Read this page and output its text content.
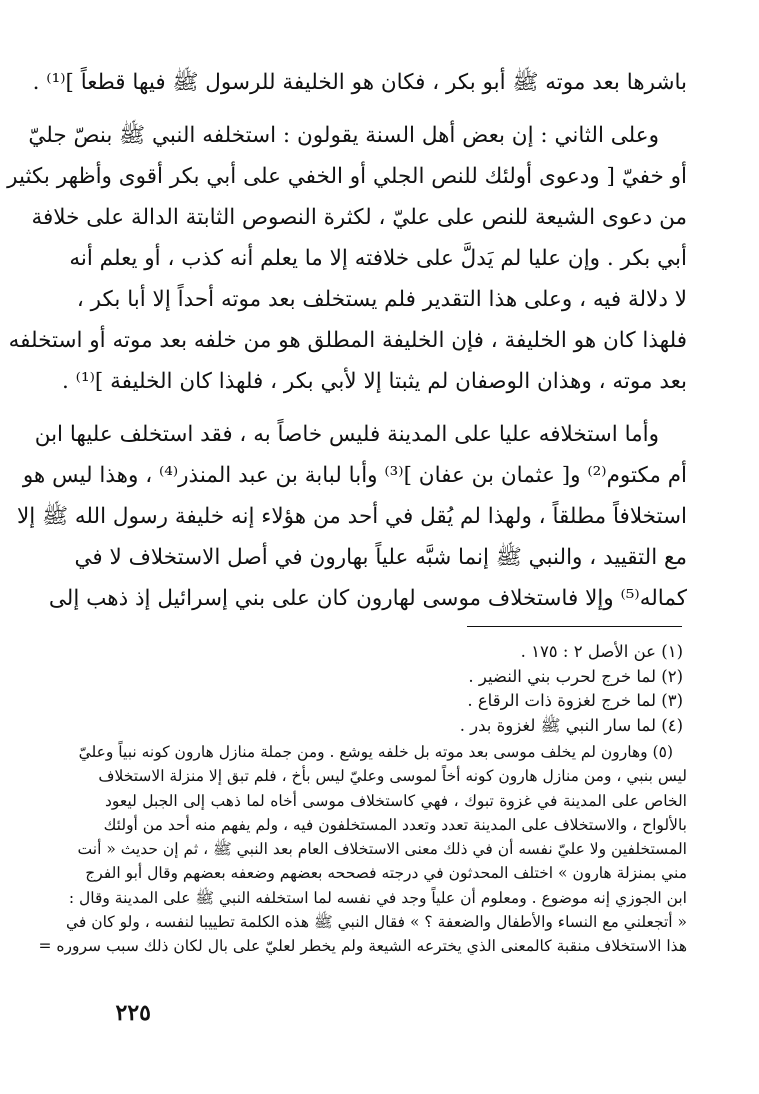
باشرها بعد موته ﷺ أبو بكر ، فكان هو الخليفة للرسول ﷺ فيها قطعاً ]⁽¹⁾ .
وعلى الثاني : إن بعض أهل السنة يقولون : استخلفه النبي ﷺ بنصّ جليّ
أو خفيّ [ ودعوى أولئك للنص الجلي أو الخفي على أبي بكر أقوى وأظهر بكثير
من دعوى الشيعة للنص على عليّ ، لكثرة النصوص الثابتة الدالة على خلافة
أبي بكر . وإن عليا لم يَدلَّ على خلافته إلا ما يعلم أنه كذب ، أو يعلم أنه
لا دلالة فيه ، وعلى هذا التقدير فلم يستخلف بعد موته أحداً إلا أبا بكر ،
فلهذا كان هو الخليفة ، فإن الخليفة المطلق هو من خلفه بعد موته أو استخلفه
بعد موته ، وهذان الوصفان لم يثبتا إلا لأبي بكر ، فلهذا كان الخليفة ]⁽¹⁾ .
وأما استخلافه عليا على المدينة فليس خاصاً به ، فقد استخلف عليها ابن
أم مكتوم⁽²⁾ و[ عثمان بن عفان ]⁽³⁾ وأبا لبابة بن عبد المنذر⁽⁴⁾ ، وهذا ليس هو
استخلافاً مطلقاً ، ولهذا لم يُقل في أحد من هؤلاء إنه خليفة رسول الله ﷺ إلا
مع التقييد ، والنبي ﷺ إنما شبَّه علياً بهارون في أصل الاستخلاف لا في
كماله⁽⁵⁾ وإلا فاستخلاف موسى لهارون كان على بني إسرائيل إذ ذهب إلى
(١) عن الأصل ٢ : ١٧٥ .
(٢) لما خرج لحرب بني النضير .
(٣) لما خرج لغزوة ذات الرقاع .
(٤) لما سار النبي ﷺ لغزوة بدر .
(٥) وهارون لم يخلف موسى بعد موته بل خلفه يوشع . ومن جملة منازل هارون كونه نبياً وعليّ
ليس بنبي ، ومن منازل هارون كونه أخاً لموسى وعليّ ليس بأخ ، فلم تبق إلا منزلة الاستخلاف
الخاص على المدينة في غزوة تبوك ، فهي كاستخلاف موسى أخاه لما ذهب إلى الجبل ليعود
بالألواح ، والاستخلاف على المدينة تعدد وتعدد المستخلفون فيه ، ولم يفهم منه أحد من أولئك
المستخلفين ولا عليّ نفسه أن في ذلك معنى الاستخلاف العام بعد النبي ﷺ ، ثم إن حديث « أنت
مني بمنزلة هارون » اختلف المحدثون في درجته فصححه بعضهم وضعفه بعضهم وقال أبو الفرج
ابن الجوزي إنه موضوع . ومعلوم أن علياً وجد في نفسه لما استخلفه النبي ﷺ على المدينة وقال :
« أتجعلني مع النساء والأطفال والضعفة ؟ » فقال النبي ﷺ هذه الكلمة تطييبا لنفسه ، ولو كان في
هذا الاستخلاف منقبة كالمعنى الذي يخترعه الشيعة ولم يخطر لعليّ على بال لكان ذلك سبب سروره =
٢٢٥
